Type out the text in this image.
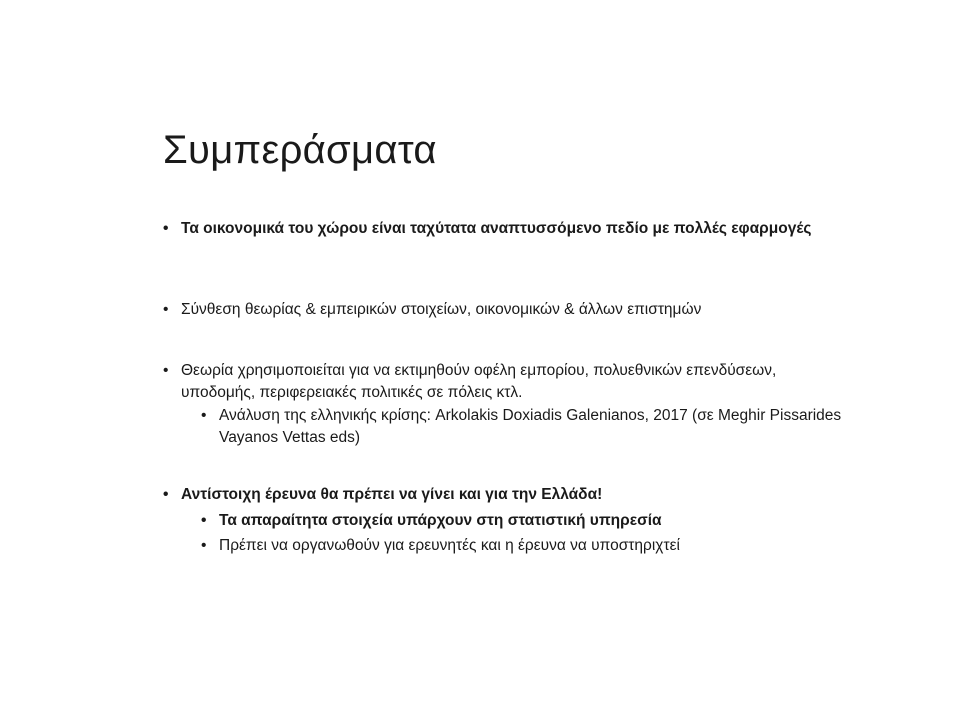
Συμπεράσματα
• Τα οικονομικά του χώρου είναι ταχύτατα αναπτυσσόμενο πεδίο με πολλές εφαρμογές
• Σύνθεση θεωρίας & εμπειρικών στοιχείων, οικονομικών & άλλων επιστημών
• Θεωρία χρησιμοποιείται για να εκτιμηθούν οφέλη εμπορίου, πολυεθνικών επενδύσεων, υποδομής, περιφερειακές πολιτικές σε πόλεις κτλ.
• Ανάλυση της ελληνικής κρίσης: Arkolakis Doxiadis Galenianos, 2017 (σε Meghir Pissarides Vayanos Vettas eds)
• Αντίστοιχη έρευνα θα πρέπει να γίνει και για την Ελλάδα!
• Τα απαραίτητα στοιχεία υπάρχουν στη στατιστική υπηρεσία
• Πρέπει να οργανωθούν για ερευνητές και η έρευνα να υποστηριχτεί
